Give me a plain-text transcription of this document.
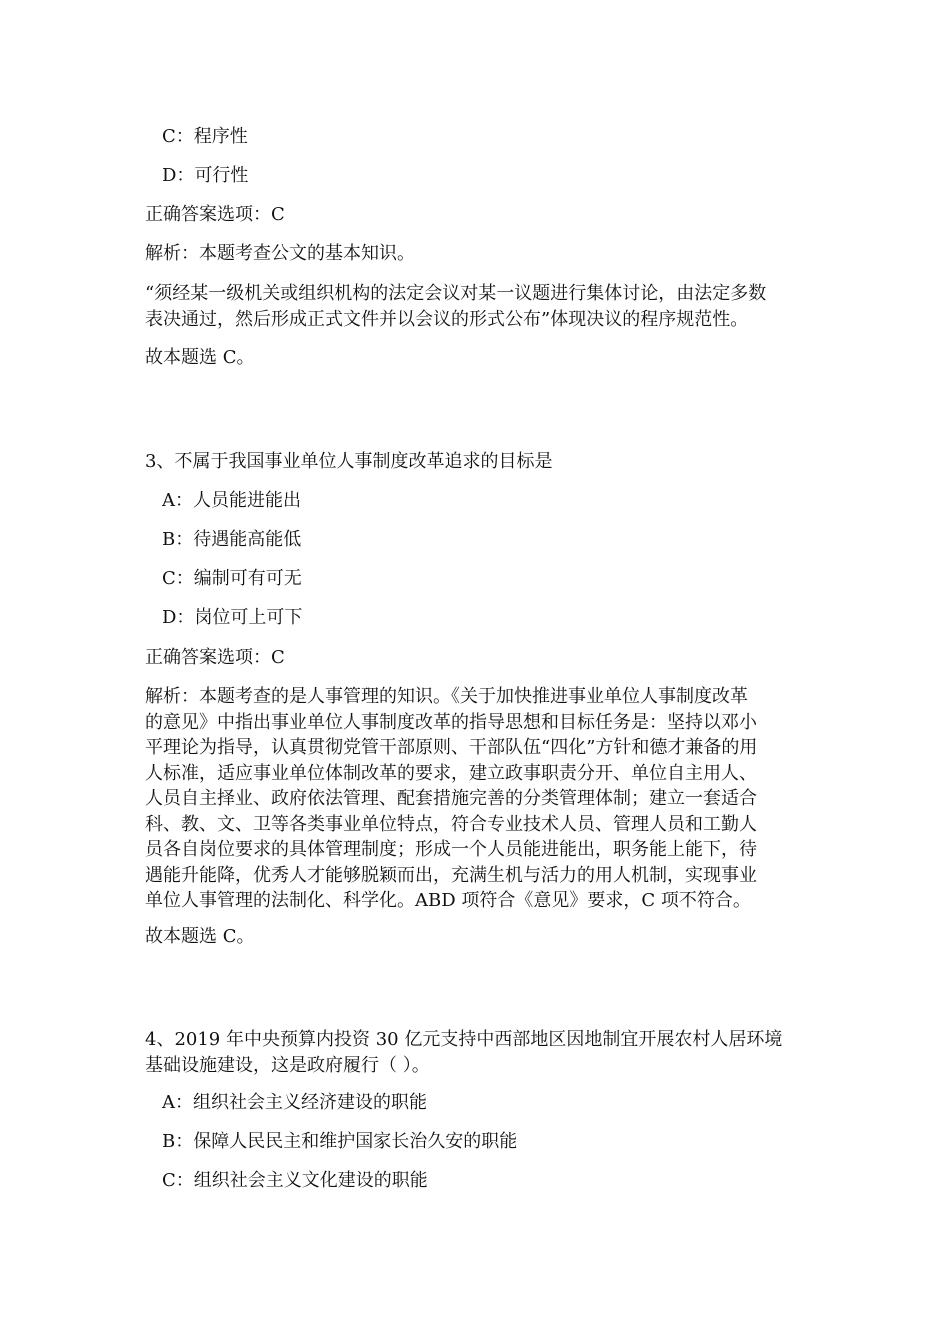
C：程序性
D：可行性
正确答案选项：C
解析：本题考查公文的基本知识。
“须经某一级机关或组织机构的法定会议对某一议题进行集体讨论，由法定多数
表决通过，然后形成正式文件并以会议的形式公布”体现决议的程序规范性。
故本题选 C。
3、不属于我国事业单位人事制度改革追求的目标是
A：人员能进能出
B：待遇能高能低
C：编制可有可无
D：岗位可上可下
正确答案选项：C
解析：本题考查的是人事管理的知识。《关于加快推进事业单位人事制度改革
的意见》中指出事业单位人事制度改革的指导思想和目标任务是：坚持以邓小
平理论为指导，认真贯彻党管干部原则、干部队伍“四化”方针和德才兼备的用
人标准，适应事业单位体制改革的要求，建立政事职责分开、单位自主用人、
人员自主择业、政府依法管理、配套措施完善的分类管理体制；建立一套适合
科、教、文、卫等各类事业单位特点，符合专业技术人员、管理人员和工勤人
员各自岗位要求的具体管理制度；形成一个人员能进能出，职务能上能下，待
遇能升能降，优秀人才能够脱颖而出，充满生机与活力的用人机制，实现事业
单位人事管理的法制化、科学化。ABD 项符合《意见》要求，C 项不符合。
故本题选 C。
4、2019 年中央预算内投资 30 亿元支持中西部地区因地制宜开展农村人居环境
基础设施建设，这是政府履行（ ）。
A：组织社会主义经济建设的职能
B：保障人民民主和维护国家长治久安的职能
C：组织社会主义文化建设的职能
